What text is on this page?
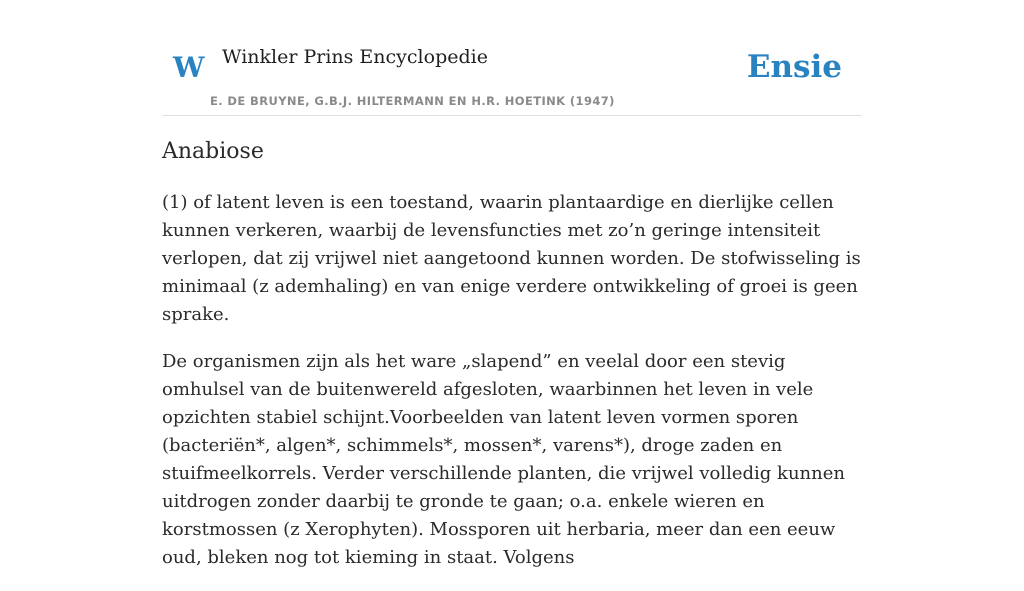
W Winkler Prins Encyclopedie
E. DE BRUYNE, G.B.J. HILTERMANN EN H.R. HOETINK (1947)
Ensie
Anabiose

(1) of latent leven is een toestand, waarin plantaardige en dierlijke cellen kunnen verkeren, waarbij de levensfuncties met zo’n geringe intensiteit verlopen, dat zij vrijwel niet aangetoond kunnen worden. De stofwisseling is minimaal (z ademhaling) en van enige verdere ontwikkeling of groei is geen sprake.

De organismen zijn als het ware „slapend” en veelal door een stevig omhulsel van de buitenwereld afgesloten, waarbinnen het leven in vele opzichten stabiel schijnt.Voorbeelden van latent leven vormen sporen (bacteriën*, algen*, schimmels*, mossen*, varens*), droge zaden en stuifmeelkorrels. Verder verschillende planten, die vrijwel volledig kunnen uitdrogen zonder daarbij te gronde te gaan; o.a. enkele wieren en korstmossen (z Xerophyten). Mossporen uit herbaria, meer dan een eeuw oud, bleken nog tot kieming in staat. Volgens
